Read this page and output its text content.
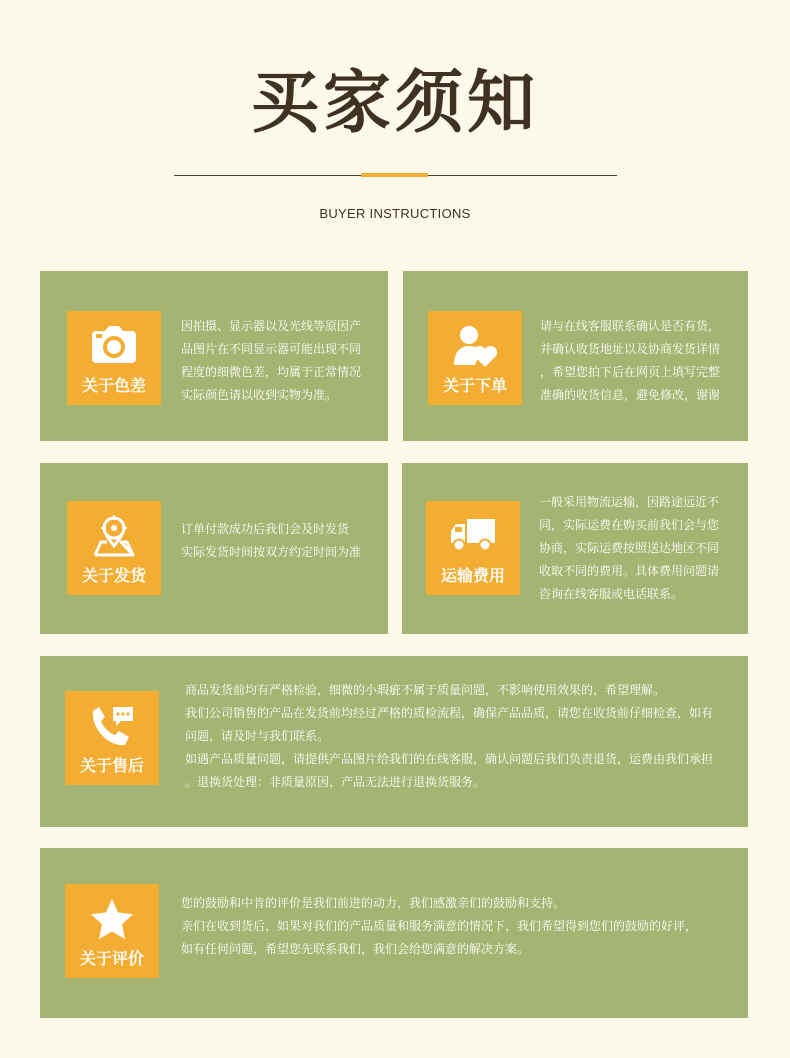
买家须知
BUYER INSTRUCTIONS
关于色差

因拍摄、显示器以及光线等原因产

品图片在不同显示器可能出现不同

程度的细微色差，均属于正常情况

实际颜色请以收到实物为准。	关于下单

请与在线客服联系确认是否有货，

并确认收货地址以及协商发货详情

，希望您拍下后在网页上填写完整

准确的收货信息，避免修改，谢谢

关于发货

订单付款成功后我们会及时发货

实际发货时间按双方约定时间为准

运输费用

一般采用物流运输，因路途远近不

同，实际运费在购买前我们会与您

协商，实际运费按照送达地区不同

收取不同的费用。具体费用问题请

咨询在线客服或电话联系。

关于售后

商品发货前均有严格检验，细微的小瑕疵不属于质量问题，不影响使用效果的，希望理解。

我们公司销售的产品在发货前均经过严格的质检流程，确保产品品质，请您在收货前仔细检查，如有

问题，请及时与我们联系。

如遇产品质量问题，请提供产品图片给我们的在线客服，确认问题后我们负责退货，运费由我们承担

。退换货处理：非质量原因，产品无法进行退换货服务。

关于评价

您的鼓励和中肯的评价是我们前进的动力，我们感激亲们的鼓励和支持。

亲们在收到货后，如果对我们的产品质量和服务满意的情况下，我们希望得到您们的鼓励的好评，

如有任何问题，希望您先联系我们，我们会给您满意的解决方案。
